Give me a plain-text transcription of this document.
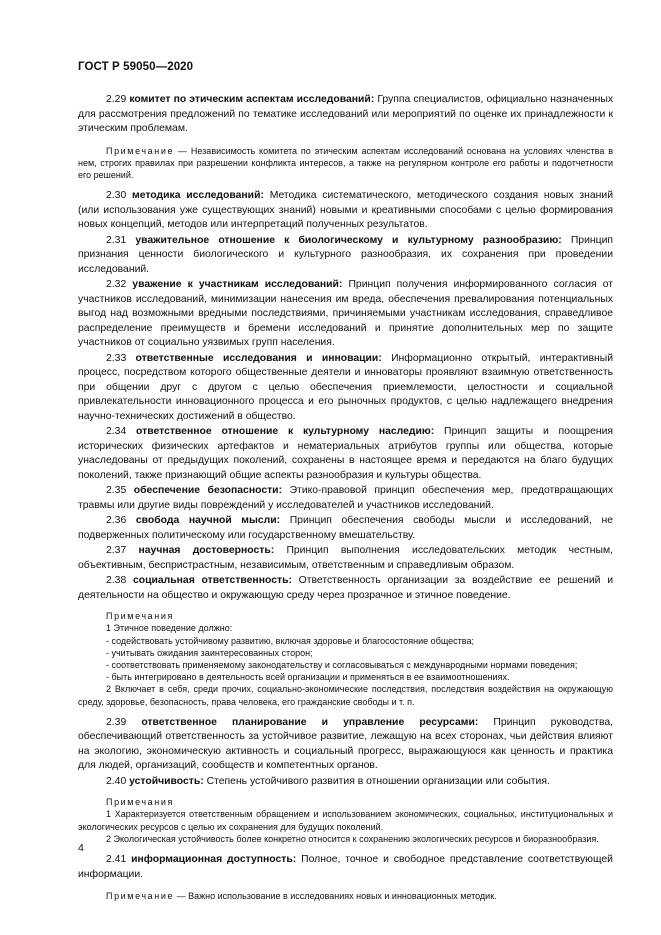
ГОСТ Р 59050—2020

2.29 комитет по этическим аспектам исследований: Группа специалистов, официально назначенных для рассмотрения предложений по тематике исследований или мероприятий по оценке их принадлежности к этическим проблемам.

Примечание — Независимость комитета по этическим аспектам исследований основана на условиях членства в нем, строгих правилах при разрешении конфликта интересов, а также на регулярном контроле его работы и подотчетности его решений.

2.30 методика исследований: Методика систематического, методического создания новых знаний (или использования уже существующих знаний) новыми и креативными способами с целью формирования новых концепций, методов или интерпретаций полученных результатов.

2.31 уважительное отношение к биологическому и культурному разнообразию: Принцип признания ценности биологического и культурного разнообразия, их сохранения при проведении исследований.

2.32 уважение к участникам исследований: Принцип получения информированного согласия от участников исследований, минимизации нанесения им вреда, обеспечения превалирования потенциальных выгод над возможными вредными последствиями, причиняемыми участникам исследования, справедливое распределение преимуществ и бремени исследований и принятие дополнительных мер по защите участников от социально уязвимых групп населения.

2.33 ответственные исследования и инновации: Информационно открытый, интерактивный процесс, посредством которого общественные деятели и инноваторы проявляют взаимную ответственность при общении друг с другом с целью обеспечения приемлемости, целостности и социальной привлекательности инновационного процесса и его рыночных продуктов, с целью надлежащего внедрения научно-технических достижений в общество.

2.34 ответственное отношение к культурному наследию: Принцип защиты и поощрения исторических физических артефактов и нематериальных атрибутов группы или общества, которые унаследованы от предыдущих поколений, сохранены в настоящее время и передаются на благо будущих поколений, также признающий общие аспекты разнообразия и культуры общества.

2.35 обеспечение безопасности: Этико-правовой принцип обеспечения мер, предотвращающих травмы или другие виды повреждений у исследователей и участников исследований.

2.36 свобода научной мысли: Принцип обеспечения свободы мысли и исследований, не подверженных политическому или государственному вмешательству.

2.37 научная достоверность: Принцип выполнения исследовательских методик честным, объективным, беспристрастным, независимым, ответственным и справедливым образом.

2.38 социальная ответственность: Ответственность организации за воздействие ее решений и деятельности на общество и окружающую среду через прозрачное и этичное поведение.

Примечания
1 Этичное поведение должно:
- содействовать устойчивому развитию, включая здоровье и благосостояние общества;
- учитывать ожидания заинтересованных сторон;
- соответствовать применяемому законодательству и согласовываться с международными нормами поведения;
- быть интегрировано в деятельность всей организации и применяться в ее взаимоотношениях.
2 Включает в себя, среди прочих, социально-экономические последствия, последствия воздействия на окружающую среду, здоровье, безопасность, права человека, его гражданские свободы и т. п.

2.39 ответственное планирование и управление ресурсами: Принцип руководства, обеспечивающий ответственность за устойчивое развитие, лежащую на всех сторонах, чьи действия влияют на экологию, экономическую активность и социальный прогресс, выражающуюся как ценность и практика для людей, организаций, сообществ и компетентных органов.

2.40 устойчивость: Степень устойчивого развития в отношении организации или события.

Примечания
1 Характеризуется ответственным обращением и использованием экономических, социальных, институциональных и экологических ресурсов с целью их сохранения для будущих поколений.
2 Экологическая устойчивость более конкретно относится к сохранению экологических ресурсов и биоразнообразия.

2.41 информационная доступность: Полное, точное и свободное представление соответствующей информации.

Примечание — Важно использование в исследованиях новых и инновационных методик.

4
